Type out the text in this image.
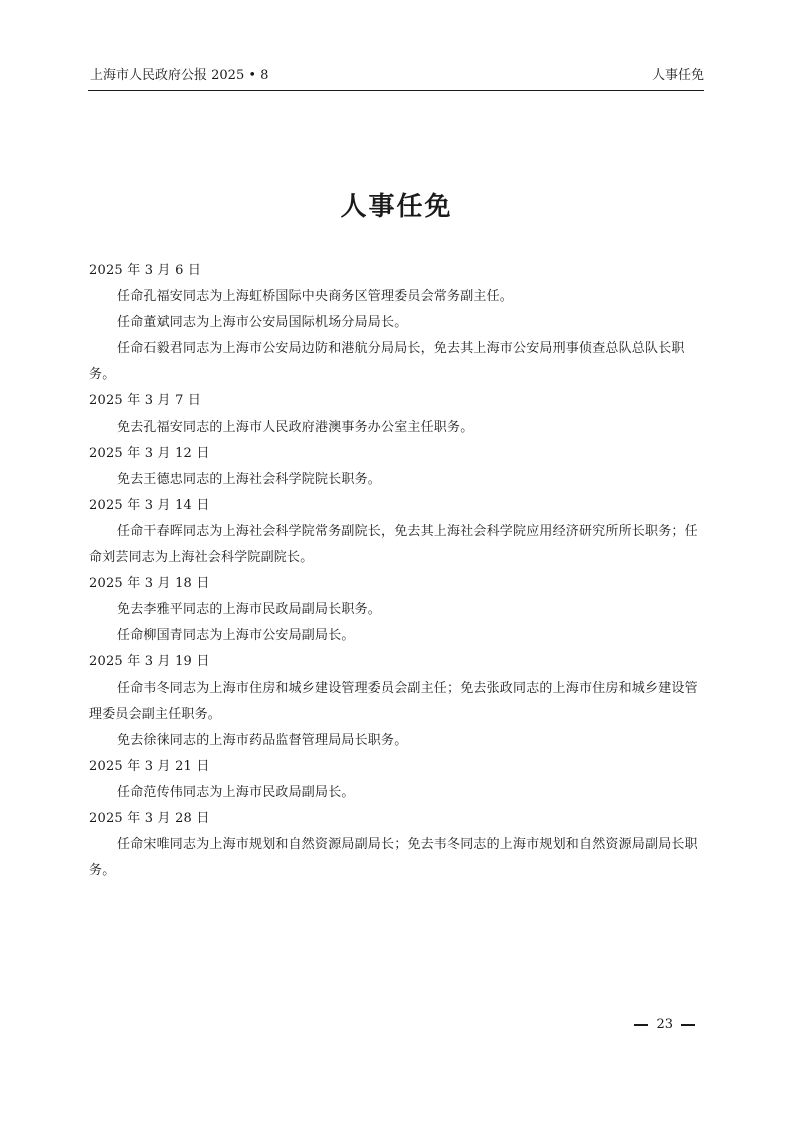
上海市人民政府公报 2025 • 8	人事任免
人事任免

2025 年 3 月 6 日

任命孔福安同志为上海虹桥国际中央商务区管理委员会常务副主任。

任命董斌同志为上海市公安局国际机场分局局长。

任命石毅君同志为上海市公安局边防和港航分局局长，免去其上海市公安局刑事侦查总队总队长职务。

2025 年 3 月 7 日

免去孔福安同志的上海市人民政府港澳事务办公室主任职务。

2025 年 3 月 12 日

免去王德忠同志的上海社会科学院院长职务。

2025 年 3 月 14 日

任命干春晖同志为上海社会科学院常务副院长，免去其上海社会科学院应用经济研究所所长职务；任命刘芸同志为上海社会科学院副院长。

2025 年 3 月 18 日

免去李雅平同志的上海市民政局副局长职务。

任命柳国青同志为上海市公安局副局长。

2025 年 3 月 19 日

任命韦冬同志为上海市住房和城乡建设管理委员会副主任；免去张政同志的上海市住房和城乡建设管理委员会副主任职务。

免去徐徕同志的上海市药品监督管理局局长职务。

2025 年 3 月 21 日

任命范传伟同志为上海市民政局副局长。

2025 年 3 月 28 日

任命宋唯同志为上海市规划和自然资源局副局长；免去韦冬同志的上海市规划和自然资源局副局长职务。

23
